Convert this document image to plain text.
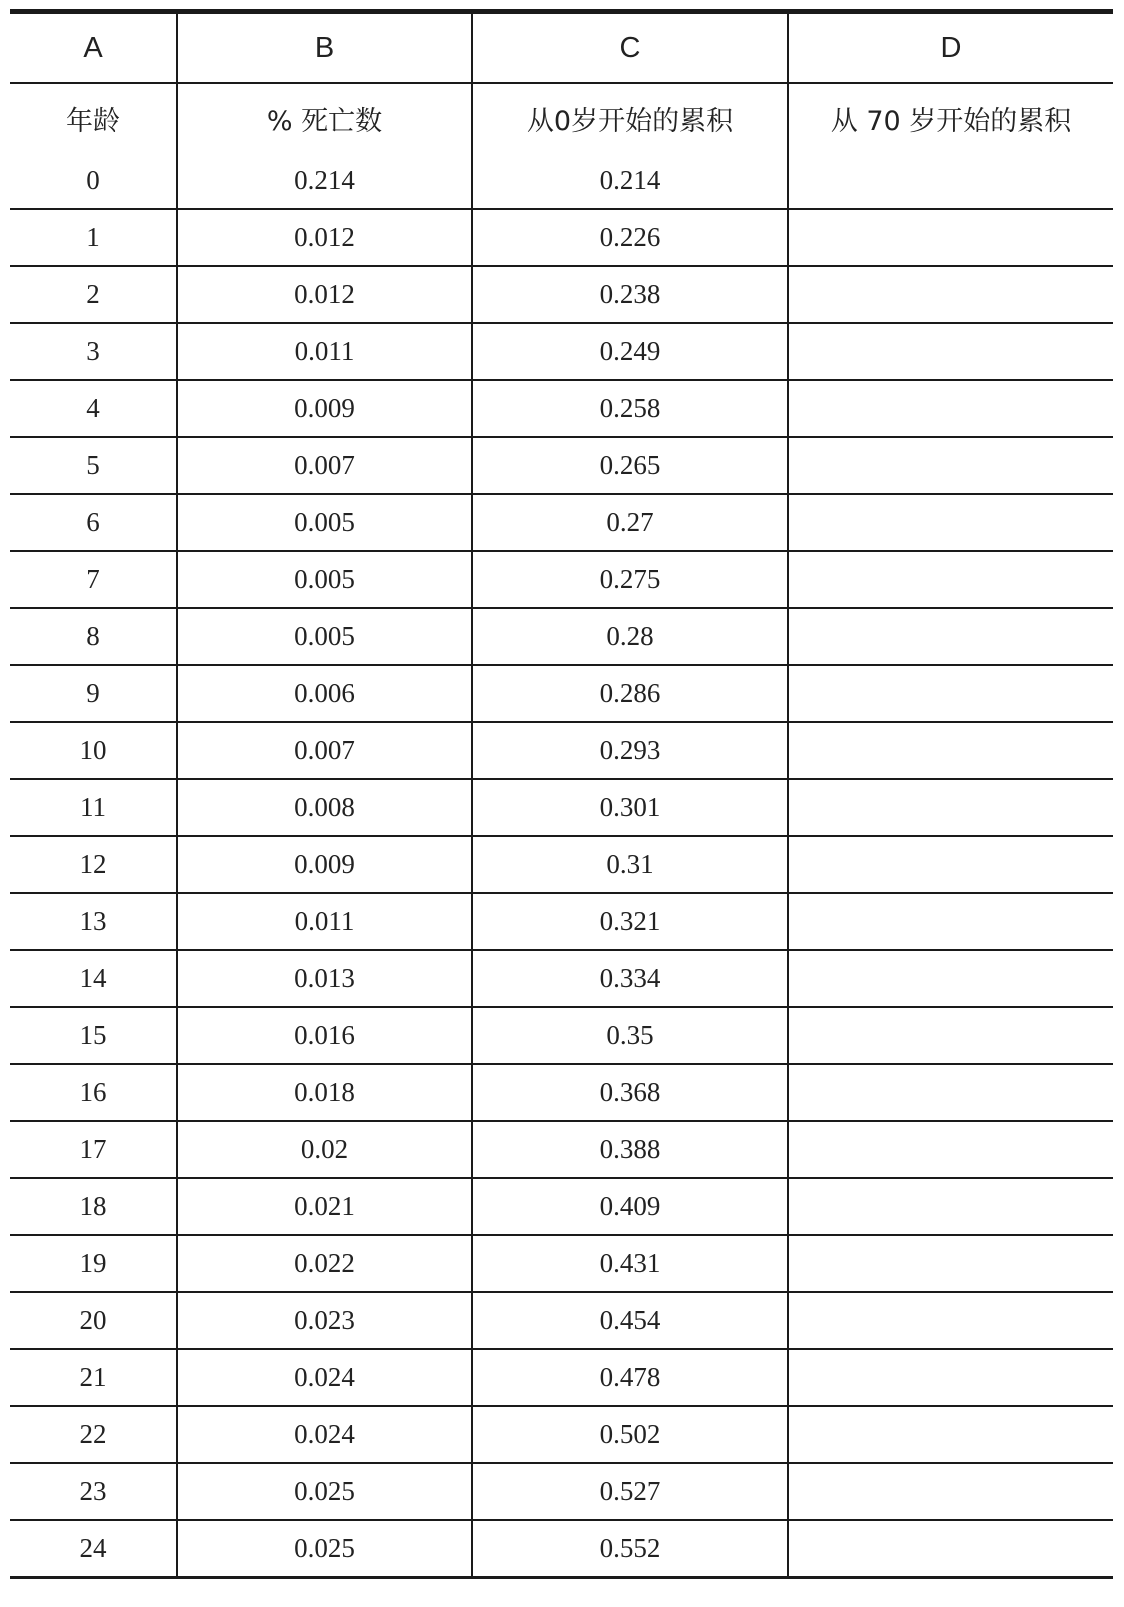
A	B	C	D
年龄	% 死亡数	从0岁开始的累积	从 70 岁开始的累积
0	0.214	0.214	
1	0.012	0.226	
2	0.012	0.238	
3	0.011	0.249	
4	0.009	0.258	
5	0.007	0.265	
6	0.005	0.27	
7	0.005	0.275	
8	0.005	0.28	
9	0.006	0.286	
10	0.007	0.293	
11	0.008	0.301	
12	0.009	0.31	
13	0.011	0.321	
14	0.013	0.334	
15	0.016	0.35	
16	0.018	0.368	
17	0.02	0.388	
18	0.021	0.409	
19	0.022	0.431	
20	0.023	0.454	
21	0.024	0.478	
22	0.024	0.502	
23	0.025	0.527	
24	0.025	0.552	
